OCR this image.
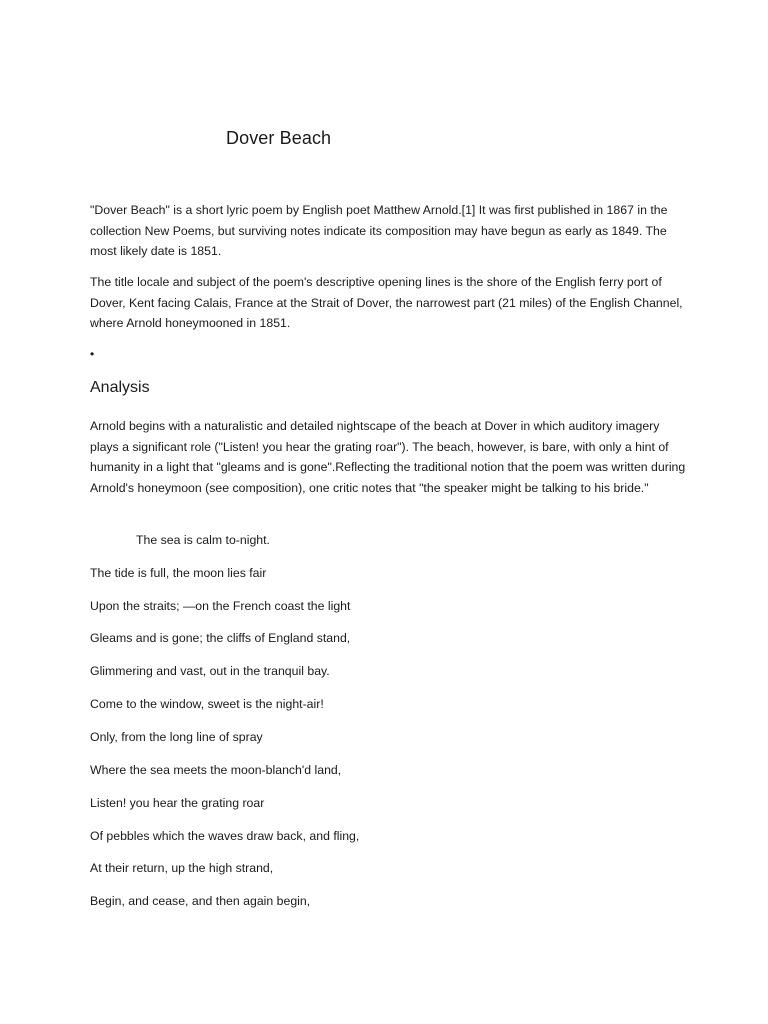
Dover Beach

"Dover Beach" is a short lyric poem by English poet Matthew Arnold.[1] It was first published in 1867 in the collection New Poems, but surviving notes indicate its composition may have begun as early as 1849. The most likely date is 1851.

The title locale and subject of the poem's descriptive opening lines is the shore of the English ferry port of Dover, Kent facing Calais, France at the Strait of Dover, the narrowest part (21 miles) of the English Channel, where Arnold honeymooned in 1851.

•
Analysis

Arnold begins with a naturalistic and detailed nightscape of the beach at Dover in which auditory imagery plays a significant role ("Listen! you hear the grating roar"). The beach, however, is bare, with only a hint of humanity in a light that "gleams and is gone".Reflecting the traditional notion that the poem was written during Arnold's honeymoon (see composition), one critic notes that "the speaker might be talking to his bride."

The sea is calm to-night.

The tide is full, the moon lies fair

Upon the straits; —on the French coast the light

Gleams and is gone; the cliffs of England stand,

Glimmering and vast, out in the tranquil bay.

Come to the window, sweet is the night-air!

Only, from the long line of spray

Where the sea meets the moon-blanch'd land,

Listen! you hear the grating roar

Of pebbles which the waves draw back, and fling,

At their return, up the high strand,

Begin, and cease, and then again begin,
